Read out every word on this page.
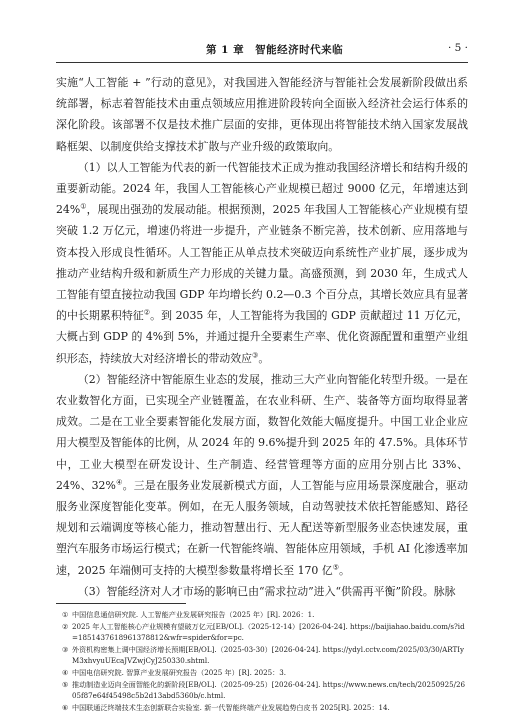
第 1 章　智能经济时代来临	· 5 ·

实施“人工智能 + ”行动的意见》，对我国进入智能经济与智能社会发展新阶段做出系统部署，标志着智能技术由重点领域应用推进阶段转向全面嵌入经济社会运行体系的深化阶段。该部署不仅是技术推广层面的安排，更体现出将智能技术纳入国家发展战略框架、以制度供给支撑技术扩散与产业升级的政策取向。

（1）以人工智能为代表的新一代智能技术正成为推动我国经济增长和结构升级的重要新动能。2024 年，我国人工智能核心产业规模已超过 9000 亿元，年增速达到 24%①，展现出强劲的发展动能。根据预测，2025 年我国人工智能核心产业规模有望突破 1.2 万亿元，增速仍将进一步提升，产业链条不断完善，技术创新、应用落地与资本投入形成良性循环。人工智能正从单点技术突破迈向系统性产业扩展，逐步成为推动产业结构升级和新质生产力形成的关键力量。高盛预测，到 2030 年，生成式人工智能有望直接拉动我国 GDP 年均增长约 0.2—0.3 个百分点，其增长效应具有显著的中长期累积特征②。到 2035 年，人工智能将为我国的 GDP 贡献超过 11 万亿元，大概占到 GDP 的 4%到 5%，并通过提升全要素生产率、优化资源配置和重塑产业组织形态，持续放大对经济增长的带动效应③。

（2）智能经济中智能原生业态的发展，推动三大产业向智能化转型升级。一是在农业数智化方面，已实现全产业链覆盖，在农业科研、生产、装备等方面均取得显著成效。二是在工业全要素智能化发展方面，数智化效能大幅度提升。中国工业企业应用大模型及智能体的比例，从 2024 年的 9.6%提升到 2025 年的 47.5%。具体环节中，工业大模型在研发设计、生产制造、经营管理等方面的应用分别占比 33%、24%、32%④。三是在服务业发展新模式方面，人工智能与应用场景深度融合，驱动服务业深度智能化变革。例如，在无人服务领域，自动驾驶技术依托智能感知、路径规划和云端调度等核心能力，推动智慧出行、无人配送等新型服务业态快速发展，重塑汽车服务市场运行模式；在新一代智能终端、智能体应用领域，手机 AI 化渗透率加速，2025 年端侧可支持的大模型参数量将增长至 170 亿⑤。

（3）智能经济对人才市场的影响已由“需求拉动”进入“供需再平衡”阶段。脉脉

① 中国信息通信研究院. 人工智能产业发展研究报告（2025 年）[R]. 2026：1.
② 2025 年人工智能核心产业规模有望破万亿元[EB/OL].（2025-12-14）[2026-04-24]. https://baijiahao.baidu.com/s?id=1851437618961378812&wfr=spider&for=pc.
③ 外资机构密集上调中国经济增长预期[EB/OL].（2025-03-30）[2026-04-24]. https://ydyl.cctv.com/2025/03/30/ARTIyM3xhvyuUEcaJVZwjCyJ250330.shtml.
④ 中国电信研究院. 智算产业发展研究报告（2025 年）[R]. 2025：3.
⑤ 推动制造业迈向全面智能化的新阶段[EB/OL].（2025-09-25）[2026-04-24]. https://www.news.cn/tech/20250925/2605f87e64f45498c5b2d13abd5360b/c.html.
⑥ 中国联通泛终端技术生态创新联合实验室. 新一代智能终端产业发展趋势白皮书 2025[R]. 2025：14.
